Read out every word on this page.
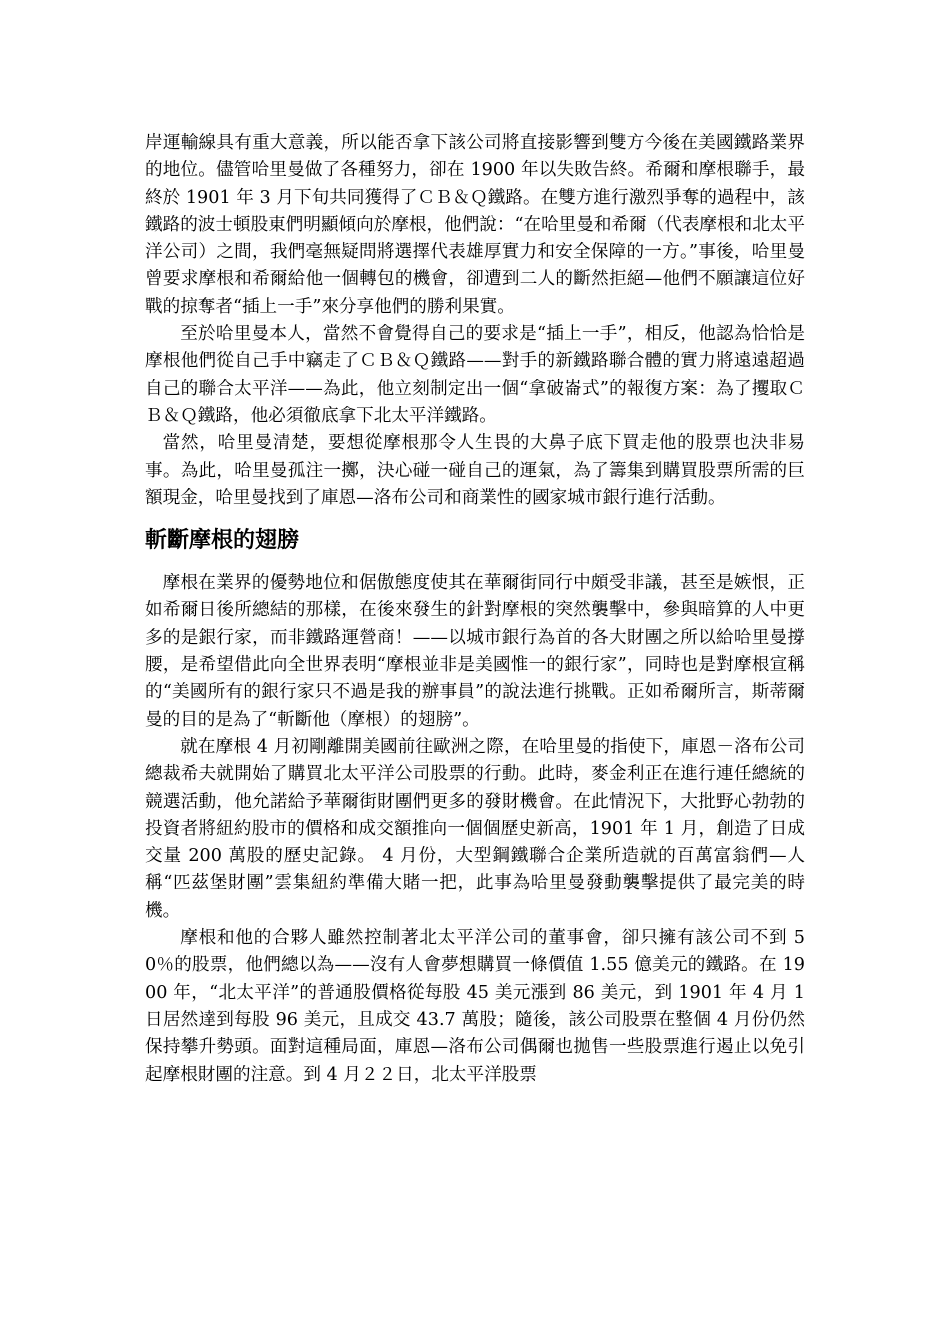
岸運輸線具有重大意義，所以能否拿下該公司將直接影響到雙方今後在美國鐵路業界的地位。儘管哈里曼做了各種努力，卻在 1900 年以失敗告終。希爾和摩根聯手，最終於 1901 年 3 月下旬共同獲得了ＣＢ＆Ｑ鐵路。在雙方進行激烈爭奪的過程中，該鐵路的波士頓股東們明顯傾向於摩根，他們說：“在哈里曼和希爾（代表摩根和北太平洋公司）之間，我們毫無疑問將選擇代表雄厚實力和安全保障的一方。”事後，哈里曼曾要求摩根和希爾給他一個轉包的機會，卻遭到二人的斷然拒絕—他們不願讓這位好戰的掠奪者“插上一手”來分享他們的勝利果實。

至於哈里曼本人，當然不會覺得自己的要求是“插上一手”，相反，他認為恰恰是摩根他們從自己手中竊走了ＣＢ＆Ｑ鐵路——對手的新鐵路聯合體的實力將遠遠超過自己的聯合太平洋——為此，他立刻制定出一個“拿破崙式”的報復方案：為了攫取ＣＢ＆Ｑ鐵路，他必須徹底拿下北太平洋鐵路。

當然，哈里曼清楚，要想從摩根那令人生畏的大鼻子底下買走他的股票也決非易事。為此，哈里曼孤注一擲，決心碰一碰自己的運氣，為了籌集到購買股票所需的巨額現金，哈里曼找到了庫恩—洛布公司和商業性的國家城市銀行進行活動。

斬斷摩根的翅膀

摩根在業界的優勢地位和倨傲態度使其在華爾街同行中頗受非議，甚至是嫉恨，正如希爾日後所總結的那樣，在後來發生的針對摩根的突然襲擊中，參與暗算的人中更多的是銀行家，而非鐵路運營商！——以城市銀行為首的各大財團之所以給哈里曼撐腰，是希望借此向全世界表明“摩根並非是美國惟一的銀行家”，同時也是對摩根宣稱的“美國所有的銀行家只不過是我的辦事員”的說法進行挑戰。正如希爾所言，斯蒂爾曼的目的是為了“斬斷他（摩根）的翅膀”。

就在摩根 4 月初剛離開美國前往歐洲之際，在哈里曼的指使下，庫恩－洛布公司總裁希夫就開始了購買北太平洋公司股票的行動。此時，麥金利正在進行連任總統的競選活動，他允諾給予華爾街財團們更多的發財機會。在此情況下，大批野心勃勃的投資者將紐約股市的價格和成交額推向一個個歷史新高，1901 年 1 月，創造了日成交量 200 萬股的歷史記錄。 4 月份，大型鋼鐵聯合企業所造就的百萬富翁們—人稱“匹茲堡財團”雲集紐約準備大賭一把，此事為哈里曼發動襲擊提供了最完美的時機。

摩根和他的合夥人雖然控制著北太平洋公司的董事會，卻只擁有該公司不到 50％的股票，他們總以為——沒有人會夢想購買一條價值 1.55 億美元的鐵路。在 1900 年，“北太平洋”的普通股價格從每股 45 美元漲到 86 美元，到 1901 年 4 月 1 日居然達到每股 96 美元，且成交 43.7 萬股；隨後，該公司股票在整個 4 月份仍然保持攀升勢頭。面對這種局面，庫恩—洛布公司偶爾也拋售一些股票進行遏止以免引起摩根財團的注意。到 4 月２２日，北太平洋股票
